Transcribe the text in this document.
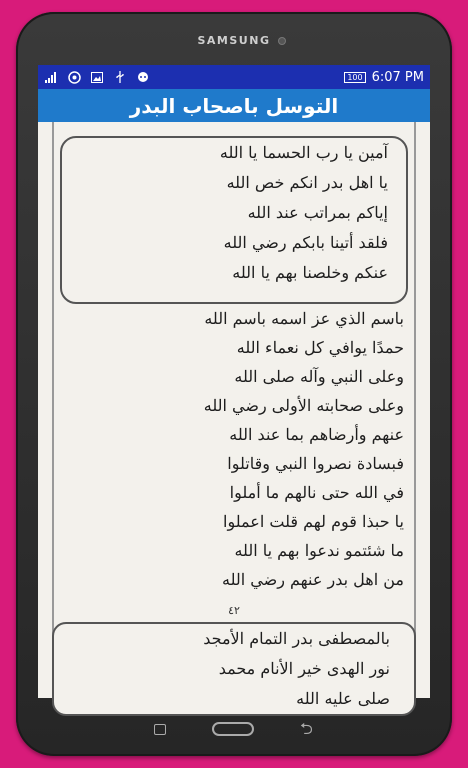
SAMSUNG
100 6:07 PM
التوسل باصحاب البدر
آمين يا رب الحسما يا الله
يا اهل بدر انكم خص الله
إياكم بمراتب عند الله
فلقد أتينا بابكم رضي الله
عنكم وخلصنا بهم يا الله
باسم الذي عز اسمه باسم الله
حمدًا يوافي كل نعماء الله
وعلى النبي وآله صلى الله
وعلى صحابته الأولى رضي الله
عنهم وأرضاهم بما عند الله
فبسادة نصروا النبي وقاتلوا
في الله حتى نالهم ما أملوا
يا حبذا قوم لهم قلت اعملوا
ما شئتمو ندعوا بهم يا الله
من اهل بدر عنهم رضي الله
٤٢
بالمصطفى بدر التمام الأمجد
نور الهدى خير الأنام محمد
صلى عليه الله
⮌
